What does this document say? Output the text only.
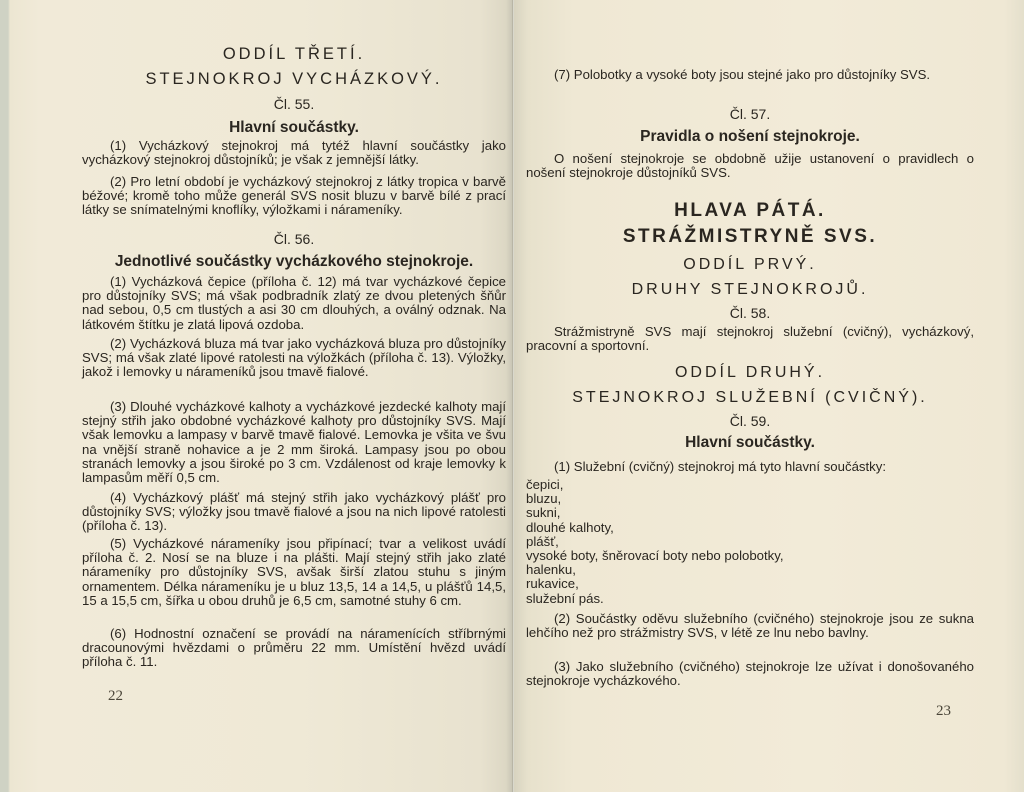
ODDÍL TŘETÍ.
STEJNOKROJ VYCHÁZKOVÝ.
Čl. 55.
Hlavní součástky.

(1) Vycházkový stejnokroj má tytéž hlavní součástky jako vycházkový stejnokroj důstojníků; je však z jemnější látky.

(2) Pro letní období je vycházkový stejnokroj z látky tropica v barvě béžové; kromě toho může generál SVS nosit bluzu v barvě bílé z prací látky se snímatelnými knoflíky, výložkami i nárameníky.

Čl. 56.
Jednotlivé součástky vycházkového stejnokroje.

(1) Vycházková čepice (příloha č. 12) má tvar vycházkové čepice pro důstojníky SVS; má však podbradník zlatý ze dvou pletených šňůr nad sebou, 0,5 cm tlustých a asi 30 cm dlouhých, a oválný odznak. Na látkovém štítku je zlatá lipová ozdoba.

(2) Vycházková bluza má tvar jako vycházková bluza pro důstojníky SVS; má však zlaté lipové ratolesti na výložkách (příloha č. 13). Výložky, jakož i lemovky u nárameníků jsou tmavě fialové.

(3) Dlouhé vycházkové kalhoty a vycházkové jezdecké kalhoty mají stejný střih jako obdobné vycházkové kalhoty pro důstojníky SVS. Mají však lemovku a lampasy v barvě tmavě fialové. Lemovka je všita ve švu na vnější straně nohavice a je 2 mm široká. Lampasy jsou po obou stranách lemovky a jsou široké po 3 cm. Vzdálenost od kraje lemovky k lampasům měří 0,5 cm.

(4) Vycházkový plášť má stejný střih jako vycházkový plášť pro důstojníky SVS; výložky jsou tmavě fialové a jsou na nich lipové ratolesti (příloha č. 13).

(5) Vycházkové nárameníky jsou připínací; tvar a velikost uvádí příloha č. 2. Nosí se na bluze i na plášti. Mají stejný střih jako zlaté nárameníky pro důstojníky SVS, avšak širší zlatou stuhu s jiným ornamentem. Délka nárameníku je u bluz 13,5, 14 a 14,5, u plášťů 14,5, 15 a 15,5 cm, šířka u obou druhů je 6,5 cm, samotné stuhy 6 cm.

(6) Hodnostní označení se provádí na náramenících stříbrnými dracounovými hvězdami o průměru 22 mm. Umístění hvězd uvádí příloha č. 11.

22

(7) Polobotky a vysoké boty jsou stejné jako pro důstojníky SVS.

Čl. 57.
Pravidla o nošení stejnokroje.

O nošení stejnokroje se obdobně užije ustanovení o pravidlech o nošení stejnokroje důstojníků SVS.

HLAVA PÁTÁ.
STRÁŽMISTRYNĚ SVS.
ODDÍL PRVÝ.
DRUHY STEJNOKROJŮ.
Čl. 58.

Strážmistryně SVS mají stejnokroj služební (cvičný), vycházkový, pracovní a sportovní.

ODDÍL DRUHÝ.
STEJNOKROJ SLUŽEBNÍ (CVIČNÝ).
Čl. 59.
Hlavní součástky.

(1) Služební (cvičný) stejnokroj má tyto hlavní součástky:

čepici,
bluzu,
sukni,
dlouhé kalhoty,
plášť,
vysoké boty, šněrovací boty nebo polobotky,
halenku,
rukavice,
služební pás.

(2) Součástky oděvu služebního (cvičného) stejnokroje jsou ze sukna lehčího než pro strážmistry SVS, v létě ze lnu nebo bavlny.

(3) Jako služebního (cvičného) stejnokroje lze užívat i donošovaného stejnokroje vycházkového.

23
